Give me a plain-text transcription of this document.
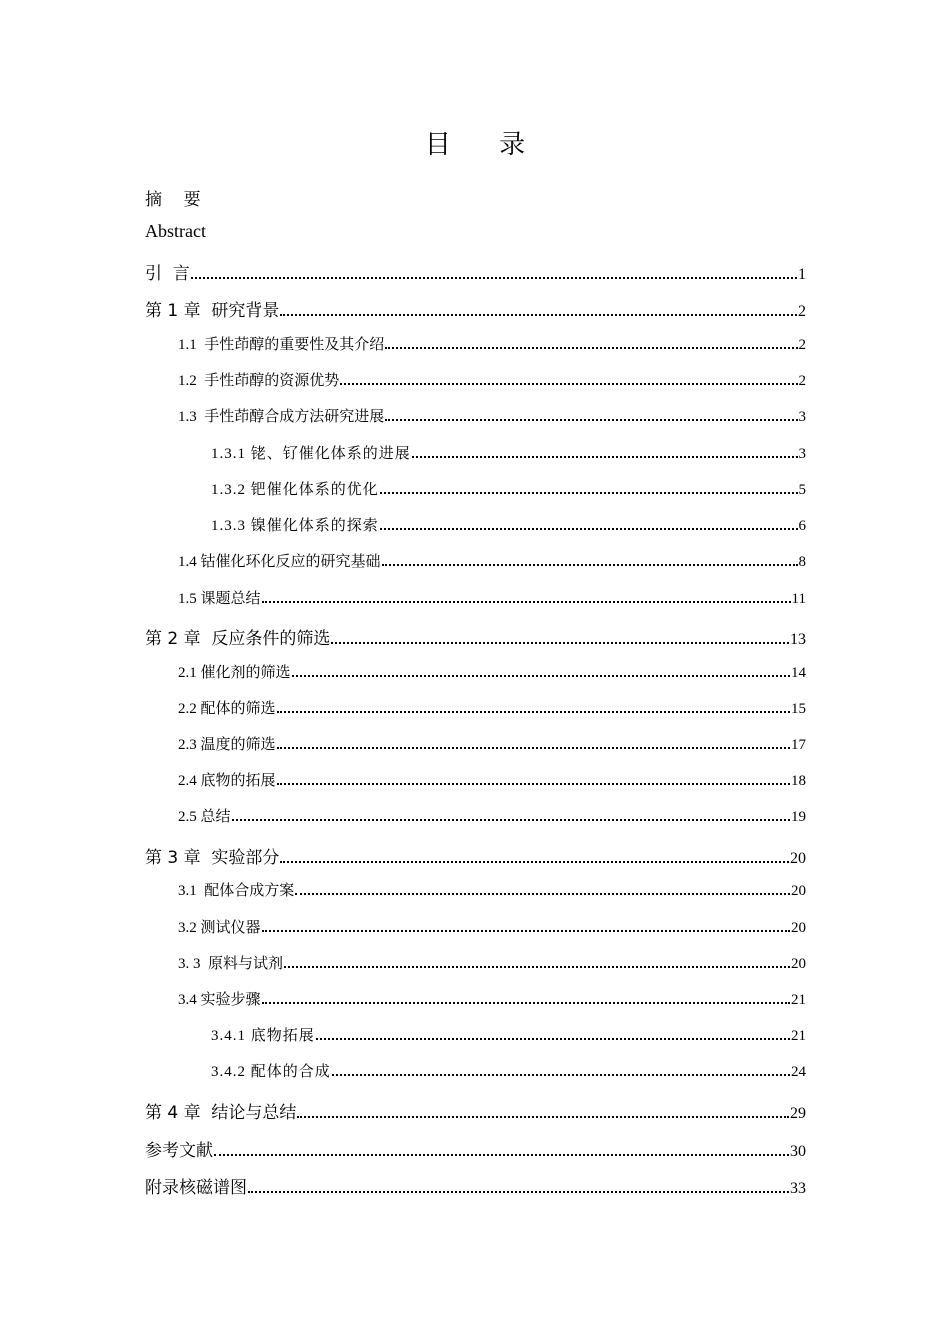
目 录
摘    要
Abstract
引  言	1
第 1 章  研究背景	2
1.1  手性茚醇的重要性及其介绍	2
1.2  手性茚醇的资源优势	2
1.3  手性茚醇合成方法研究进展	3
1.3.1 铑、钌催化体系的进展	3
1.3.2 钯催化体系的优化	5
1.3.3 镍催化体系的探索	6
1.4 钴催化环化反应的研究基础	8
1.5 课题总结	11
第 2 章  反应条件的筛选	13
2.1 催化剂的筛选	14
2.2 配体的筛选	15
2.3 温度的筛选	17
2.4 底物的拓展	18
2.5 总结	19
第 3 章  实验部分	20
3.1  配体合成方案	20
3.2 测试仪器	20
3. 3  原料与试剂	20
3.4 实验步骤	21
3.4.1 底物拓展	21
3.4.2 配体的合成	24
第 4 章  结论与总结	29
参考文献	30
附录核磁谱图	33
